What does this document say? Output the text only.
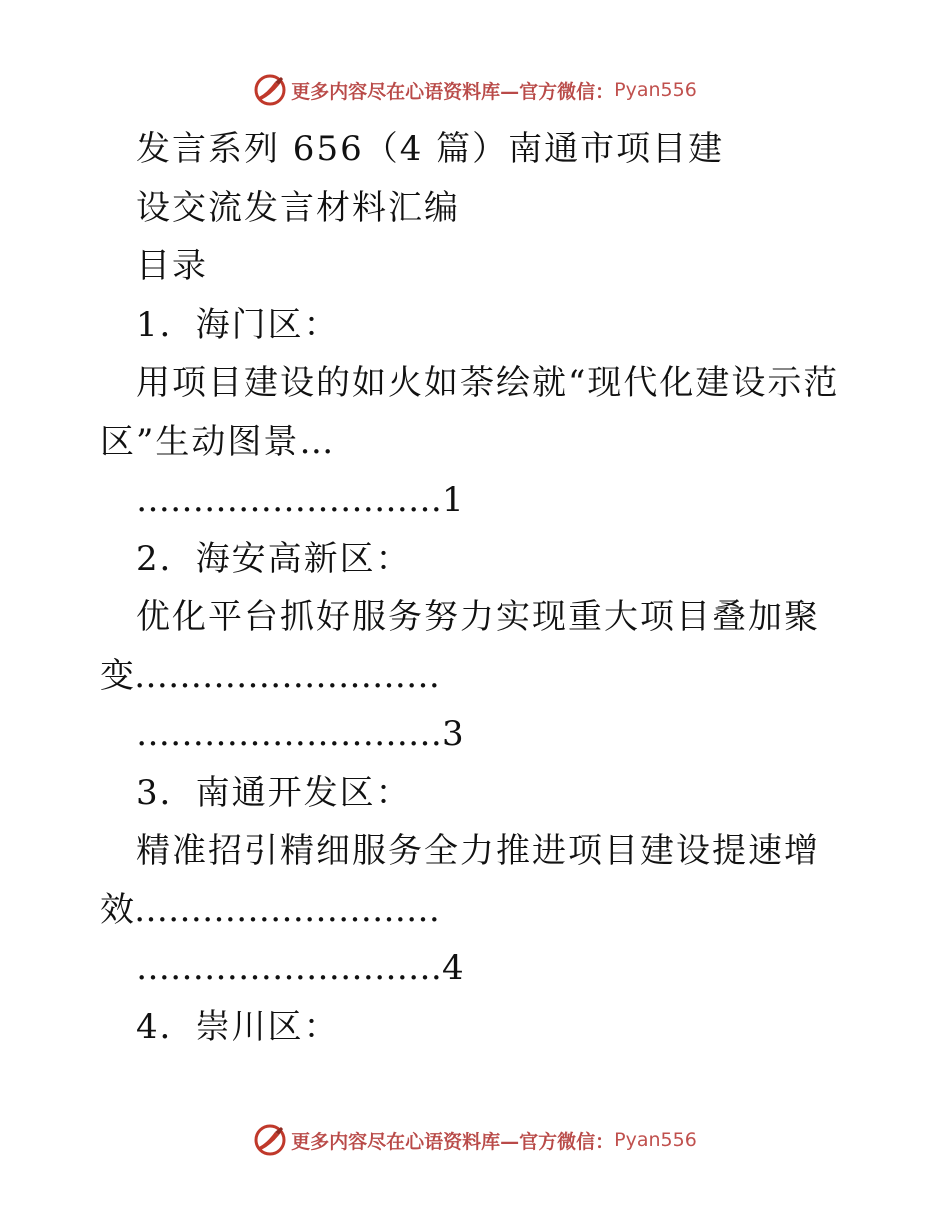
更多内容尽在心语资料库—官方微信： Pyan556
发言系列 656（4 篇）南通市项目建
设交流发言材料汇编
目录
1．海门区：
用项目建设的如火如荼绘就“现代化建设示范
区”生动图景…
………………………1
2．海安高新区：
优化平台抓好服务努力实现重大项目叠加聚
变………………………
………………………3
3．南通开发区：
精准招引精细服务全力推进项目建设提速增
效………………………
………………………4
4．崇川区：
更多内容尽在心语资料库—官方微信： Pyan556
